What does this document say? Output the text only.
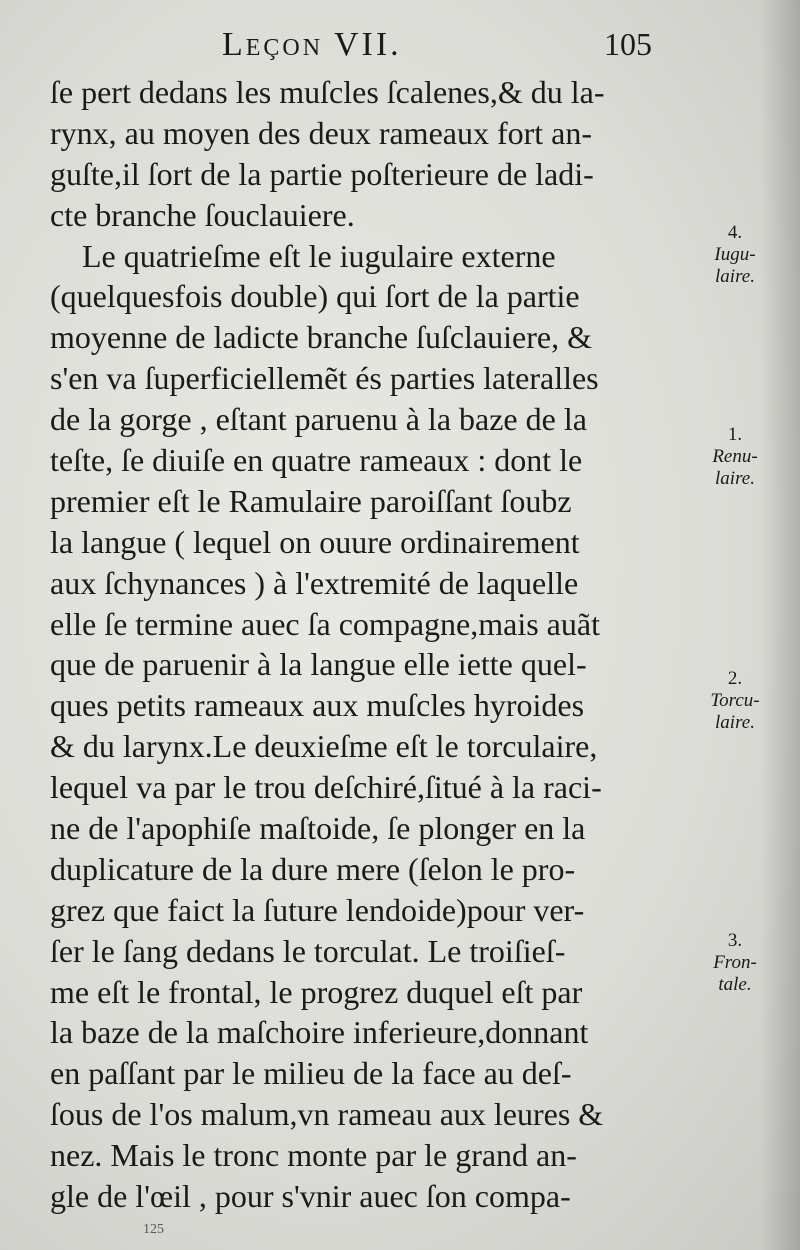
Leçon VII.	105
ſe pert dedans les muſcles ſcalenes,& du la-
rynx, au moyen des deux rameaux fort an-
guſte,il ſort de la partie poſterieure de ladi-
cte branche ſouclauiere.
Le quatrieſme eſt le iugulaire externe
(quelquesfois double) qui ſort de la partie
moyenne de ladicte branche ſuſclauiere, &
s'en va ſuperficiellemẽt és parties lateralles
de la gorge , eſtant paruenu à la baze de la
teſte, ſe diuiſe en quatre rameaux : dont le
premier eſt le Ramulaire paroiſſant ſoubz
la langue ( lequel on ouure ordinairement
aux ſchynances ) à l'extremité de laquelle
elle ſe termine auec ſa compagne,mais auãt
que de paruenir à la langue elle iette quel-
ques petits rameaux aux muſcles hyroides
& du larynx.Le deuxieſme eſt le torculaire,
lequel va par le trou deſchiré,ſitué à la raci-
ne de l'apophiſe maſtoide, ſe plonger en la
duplicature de la dure mere (ſelon le pro-
grez que faict la ſuture lendoide)pour ver-
ſer le ſang dedans le torculat. Le troiſieſ-
me eſt le frontal, le progrez duquel eſt par
la baze de la maſchoire inferieure,donnant
en paſſant par le milieu de la face au deſ-
ſous de l'os malum,vn rameau aux leures &
nez. Mais le tronc monte par le grand an-
gle de l'œil , pour s'vnir auec ſon compa-
4.
Iugu-
laire.
1.
Renu-
laire.
2.
Torcu-
laire.
3.
Fron-
tale.
125
